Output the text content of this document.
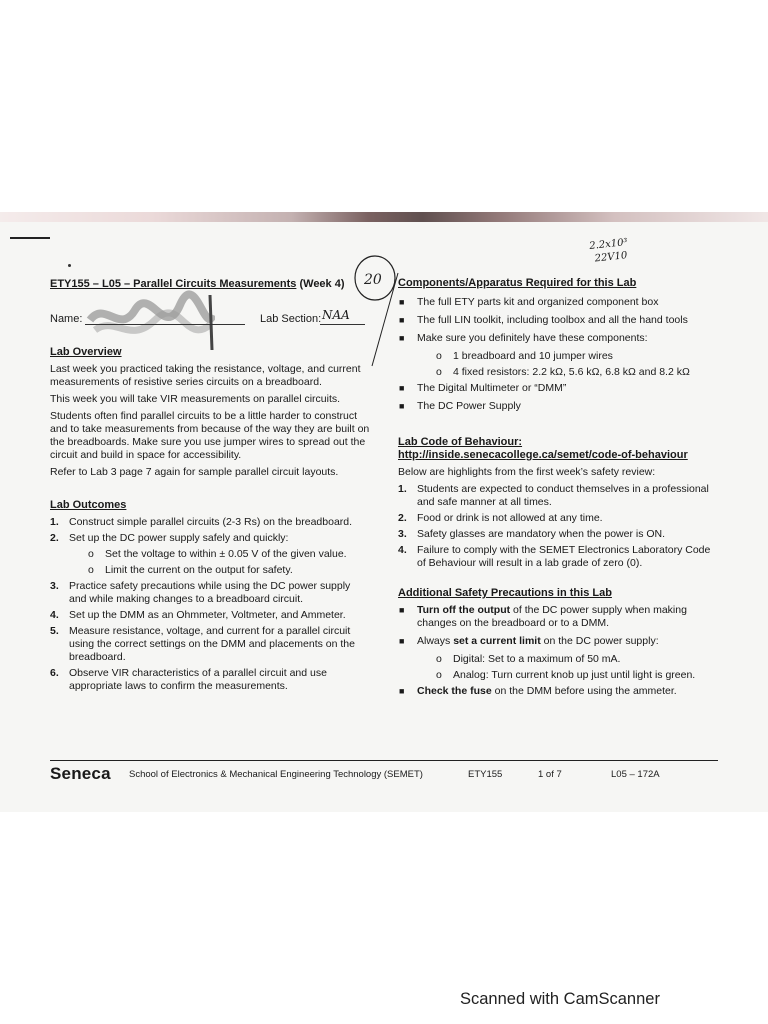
2.2x10³
22V10
20
ETY155 – L05 – Parallel Circuits Measurements (Week 4)
Name:	Lab Section: NAA
Lab Overview

Last week you practiced taking the resistance, voltage, and current measurements of resistive series circuits on a breadboard.

This week you will take VIR measurements on parallel circuits.

Students often find parallel circuits to be a little harder to construct and to take measurements from because of the way they are built on the breadboards. Make sure you use jumper wires to spread out the circuit and build in space for accessibility.

Refer to Lab 3 page 7 again for sample parallel circuit layouts.

Lab Outcomes
1. Construct simple parallel circuits (2-3 Rs) on the breadboard.
2. Set up the DC power supply safely and quickly:
o Set the voltage to within ± 0.05 V of the given value.
o Limit the current on the output for safety.
3. Practice safety precautions while using the DC power supply and while making changes to a breadboard circuit.
4. Set up the DMM as an Ohmmeter, Voltmeter, and Ammeter.
5. Measure resistance, voltage, and current for a parallel circuit using the correct settings on the DMM and placements on the breadboard.
6. Observe VIR characteristics of a parallel circuit and use appropriate laws to confirm the measurements.
Components/Apparatus Required for this Lab
■ The full ETY parts kit and organized component box
■ The full LIN toolkit, including toolbox and all the hand tools
■ Make sure you definitely have these components:
o 1 breadboard and 10 jumper wires
o 4 fixed resistors: 2.2 kΩ, 5.6 kΩ, 6.8 kΩ and 8.2 kΩ
■ The Digital Multimeter or “DMM”
■ The DC Power Supply
Lab Code of Behaviour:
http://inside.senecacollege.ca/semet/code-of-behaviour

Below are highlights from the first week’s safety review:

1. Students are expected to conduct themselves in a professional and safe manner at all times.
2. Food or drink is not allowed at any time.
3. Safety glasses are mandatory when the power is ON.
4. Failure to comply with the SEMET Electronics Laboratory Code of Behaviour will result in a lab grade of zero (0).
Additional Safety Precautions in this Lab
■ Turn off the output of the DC power supply when making changes on the breadboard or to a DMM.
■ Always set a current limit on the DC power supply:
o Digital: Set to a maximum of 50 mA.
o Analog: Turn current knob up just until light is green.
■ Check the fuse on the DMM before using the ammeter.
Seneca School of Electronics & Mechanical Engineering Technology (SEMET)	ETY155	1 of 7	L05 – 172A
Scanned with CamScanner
